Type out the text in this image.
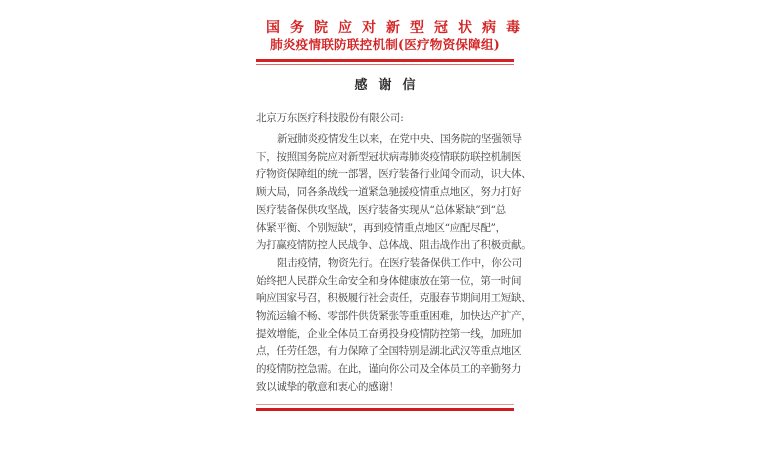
国务院应对新型冠状病毒
肺炎疫情联防联控机制(医疗物资保障组)
感谢信
北京万东医疗科技股份有限公司:
新冠肺炎疫情发生以来，在党中央、国务院的坚强领导
下，按照国务院应对新型冠状病毒肺炎疫情联防联控机制医
疗物资保障组的统一部署，医疗装备行业闻令而动，识大体、
顾大局，同各条战线一道紧急驰援疫情重点地区，努力打好
医疗装备保供攻坚战，医疗装备实现从“总体紧缺”到“总
体紧平衡、个别短缺”，再到疫情重点地区“应配尽配”，
为打赢疫情防控人民战争、总体战、阻击战作出了积极贡献。
阻击疫情，物资先行。在医疗装备保供工作中，你公司
始终把人民群众生命安全和身体健康放在第一位，第一时间
响应国家号召，积极履行社会责任，克服春节期间用工短缺、
物流运输不畅、零部件供货紧张等重重困难，加快达产扩产，
提效增能，企业全体员工奋勇投身疫情防控第一线，加班加
点，任劳任怨，有力保障了全国特别是湖北武汉等重点地区
的疫情防控急需。在此，谨向你公司及全体员工的辛勤努力
致以诚挚的敬意和衷心的感谢！
